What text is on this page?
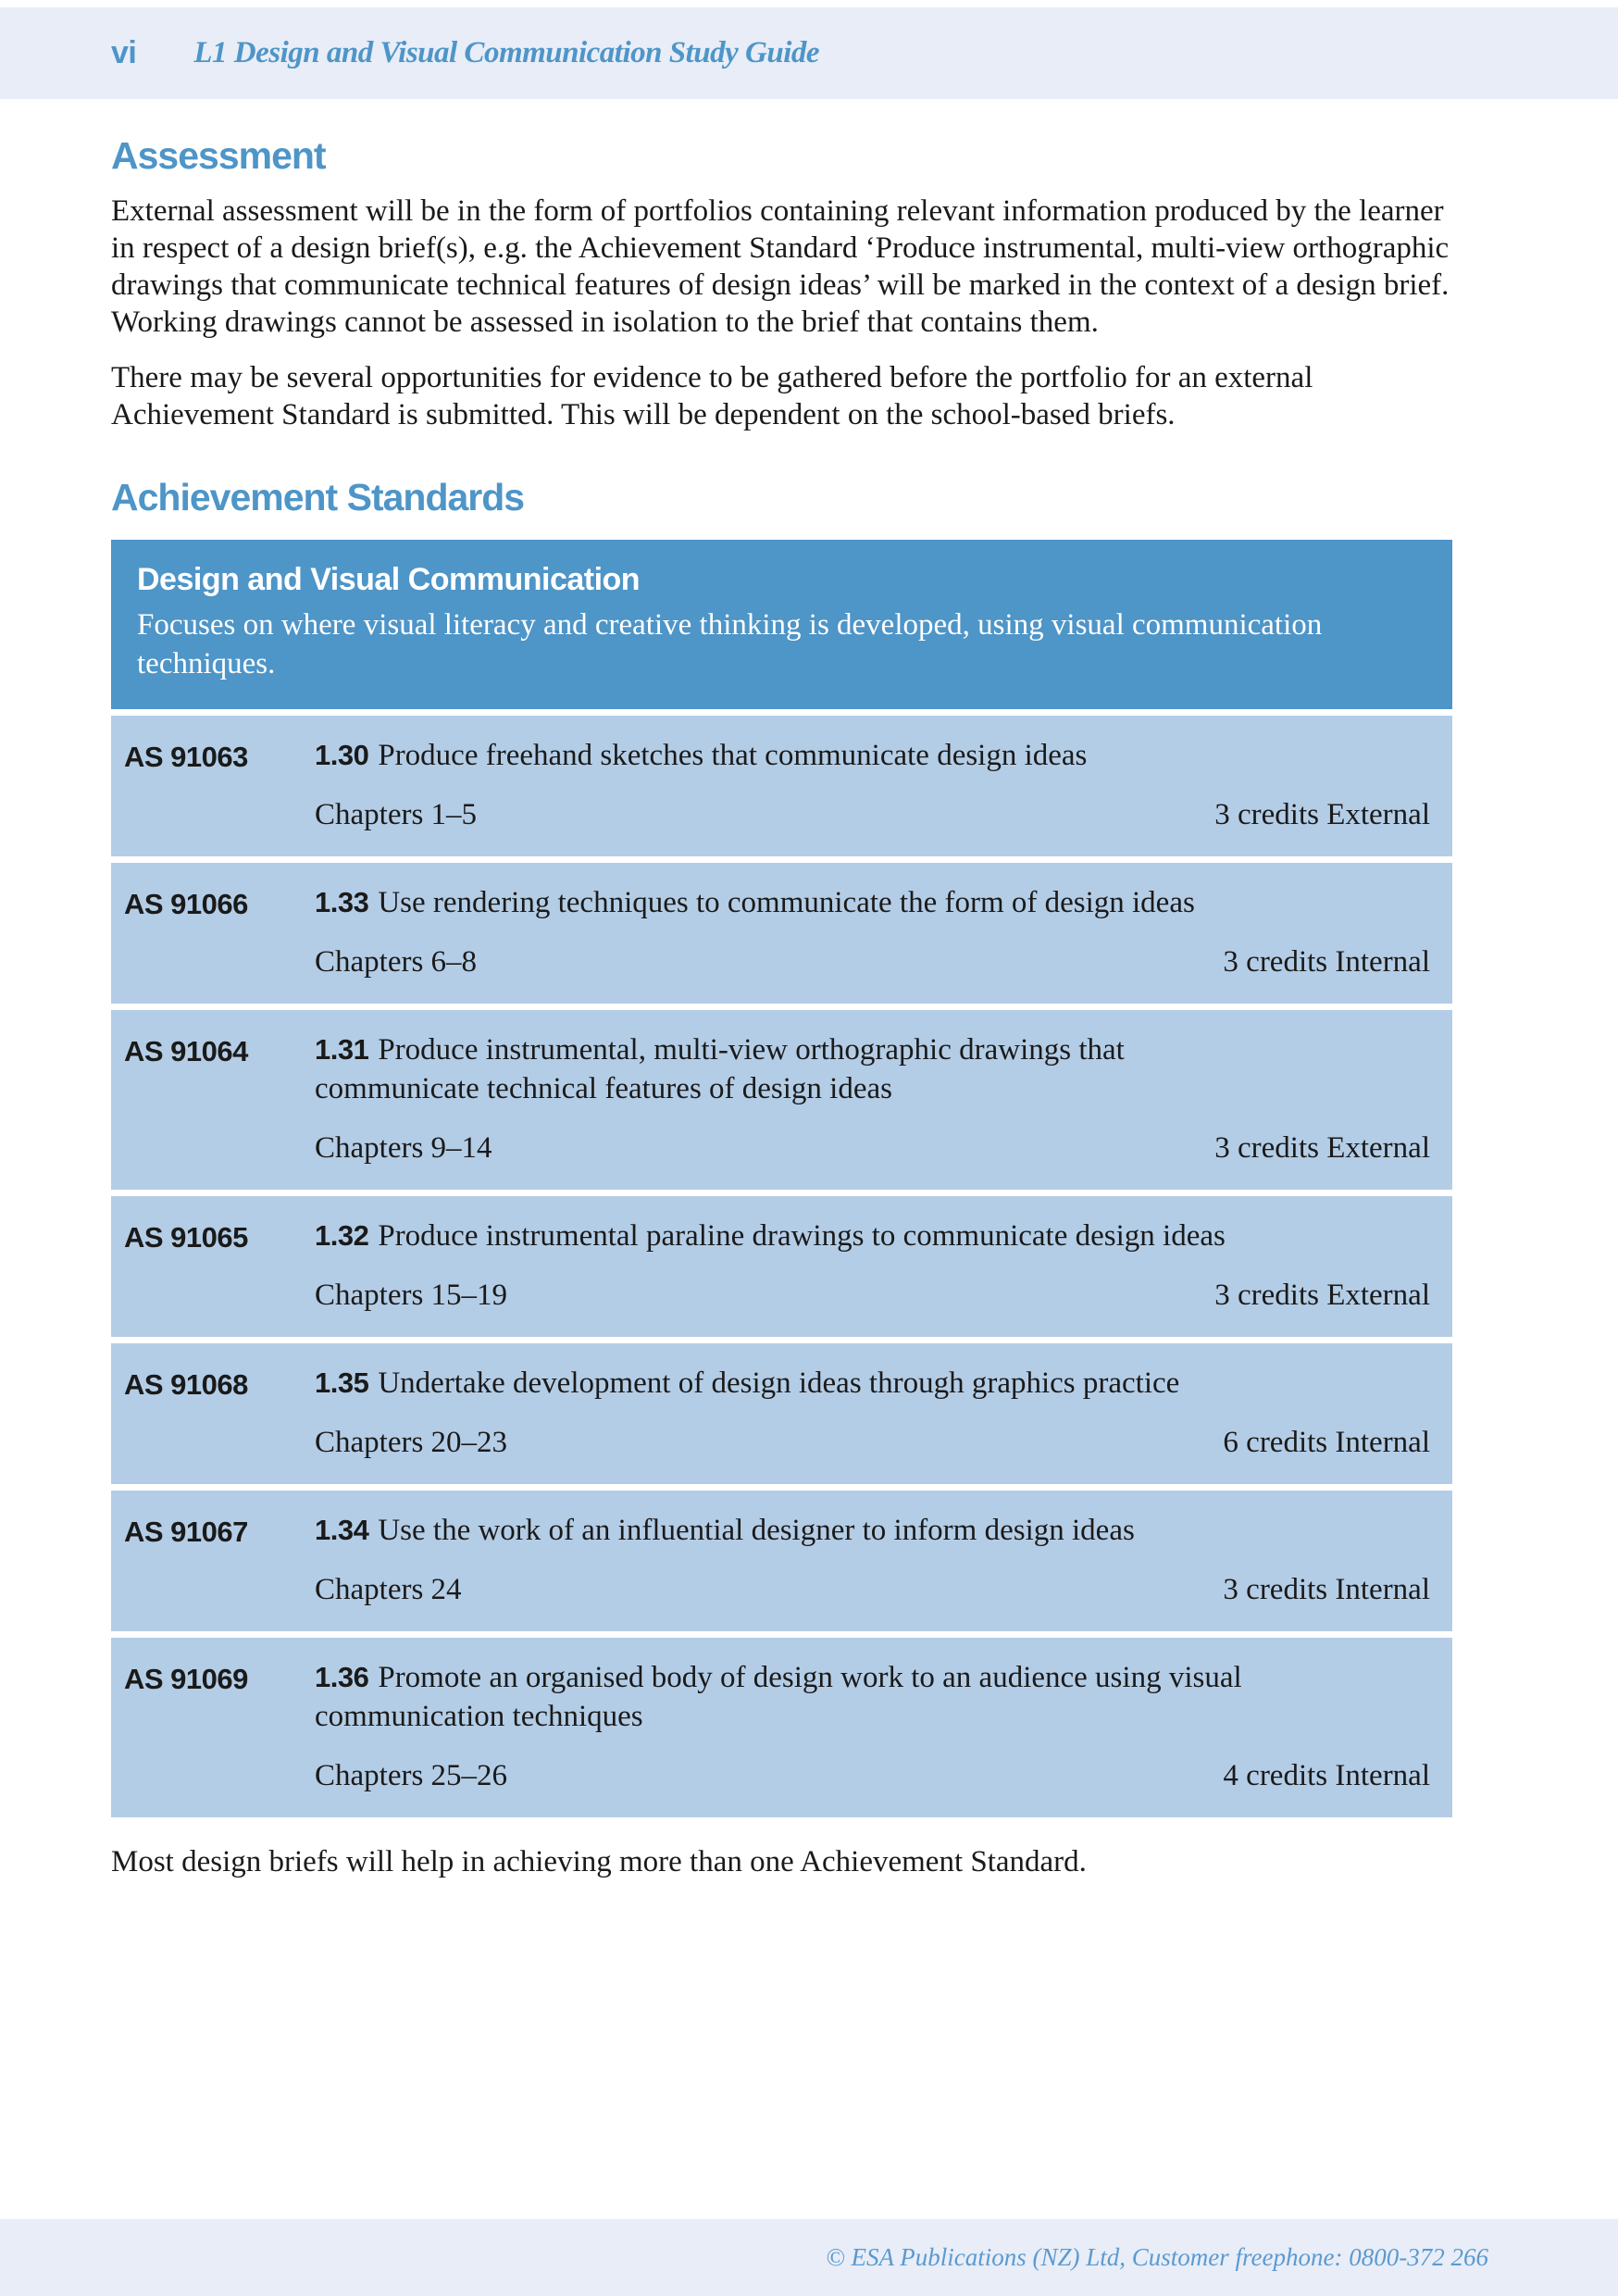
vi L1 Design and Visual Communication Study Guide
Assessment

External assessment will be in the form of portfolios containing relevant information produced by the learner in respect of a design brief(s), e.g. the Achievement Standard ‘Produce instrumental, multi-view orthographic drawings that communicate technical features of design ideas’ will be marked in the context of a design brief. Working drawings cannot be assessed in isolation to the brief that contains them.

There may be several opportunities for evidence to be gathered before the portfolio for an external Achievement Standard is submitted. This will be dependent on the school-based briefs.

Achievement Standards
Design and Visual Communication
Focuses on where visual literacy and creative thinking is developed, using visual communication techniques.
AS 91063	1.30 Produce freehand sketches that communicate design ideas
Chapters 1–5	3 credits External
AS 91066	1.33 Use rendering techniques to communicate the form of design ideas
Chapters 6–8	3 credits Internal
AS 91064	1.31 Produce instrumental, multi-view orthographic drawings that
communicate technical features of design ideas
Chapters 9–14	3 credits External
AS 91065	1.32 Produce instrumental paraline drawings to communicate design ideas
Chapters 15–19	3 credits External
AS 91068	1.35 Undertake development of design ideas through graphics practice
Chapters 20–23	6 credits Internal
AS 91067	1.34 Use the work of an influential designer to inform design ideas
Chapters 24	3 credits Internal
AS 91069	1.36 Promote an organised body of design work to an audience using visual
communication techniques
Chapters 25–26	4 credits Internal

Most design briefs will help in achieving more than one Achievement Standard.

© ESA Publications (NZ) Ltd, Customer freephone: 0800-372 266
